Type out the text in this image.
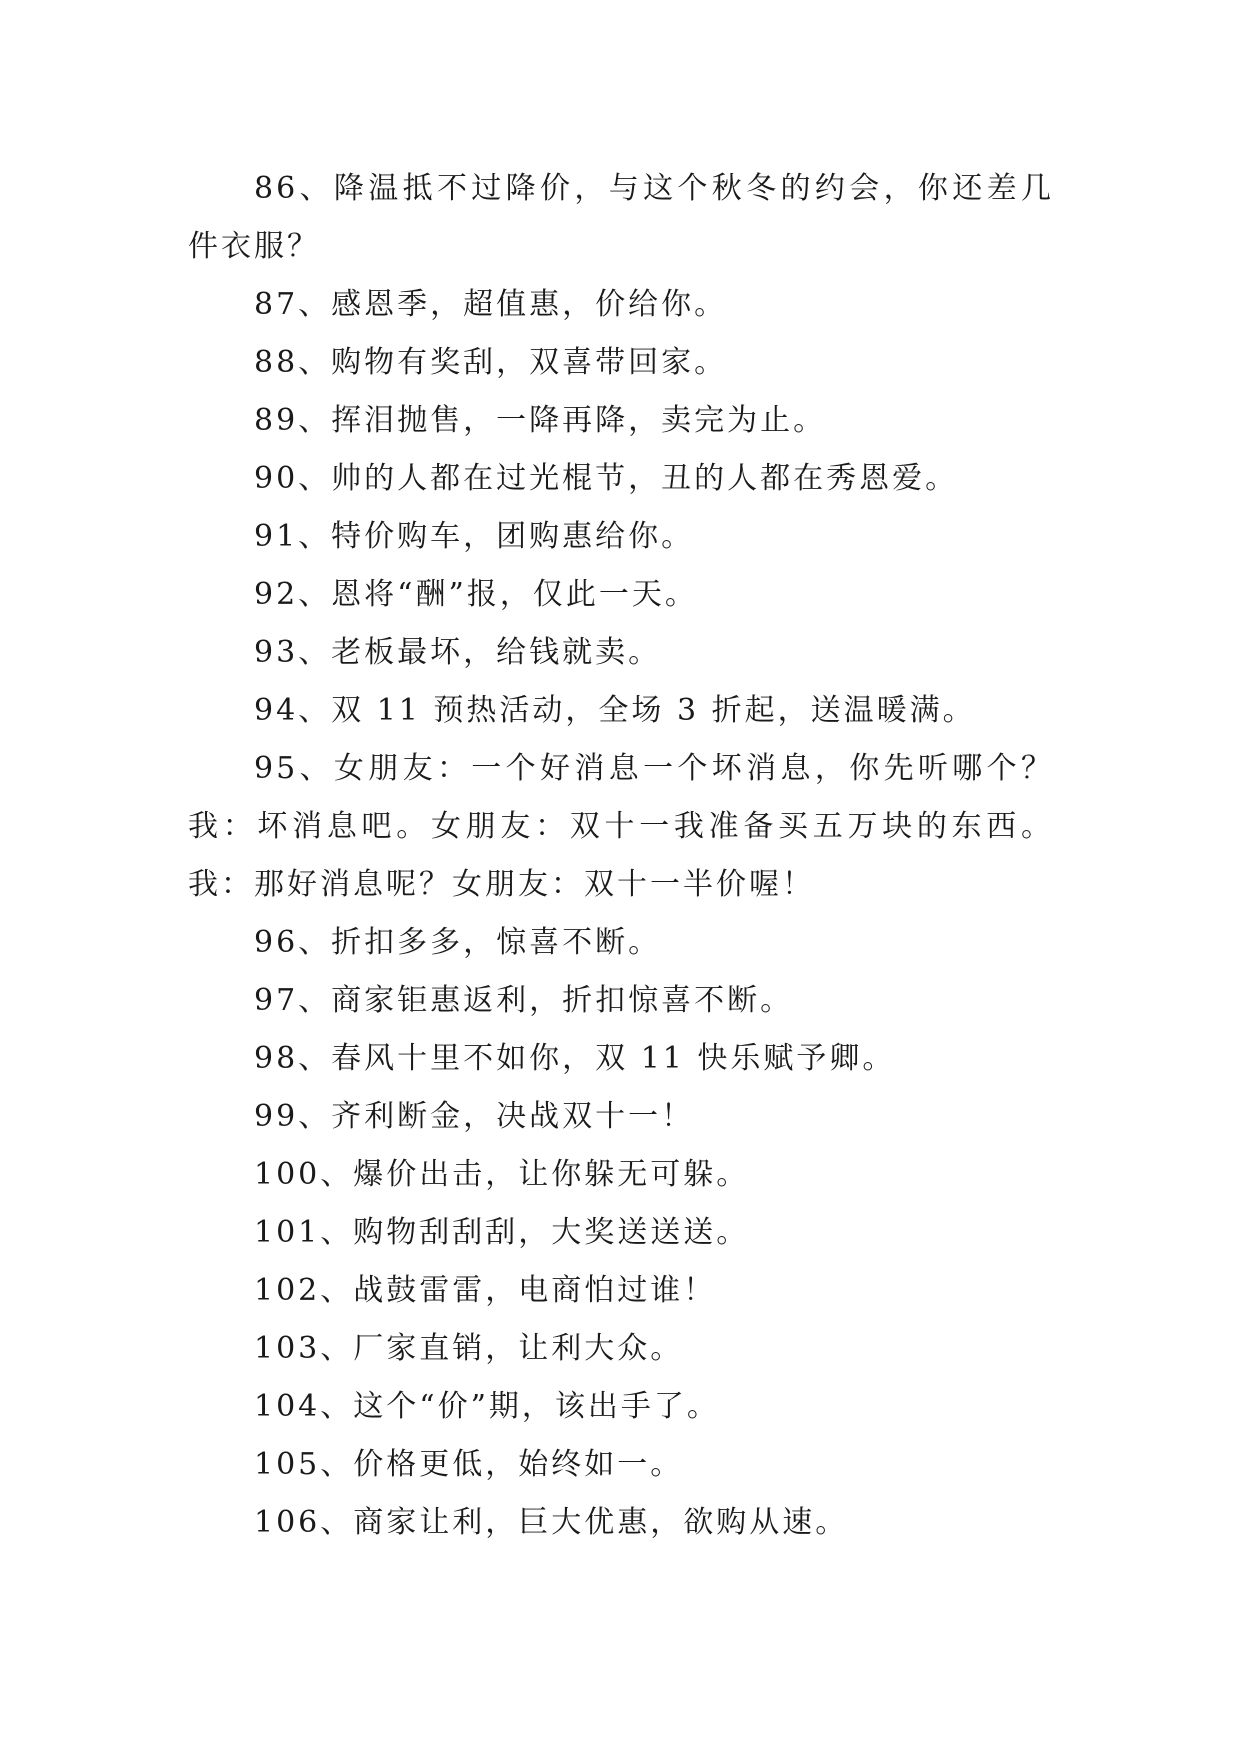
86、降温抵不过降价，与这个秋冬的约会，你还差几件衣服？

87、感恩季，超值惠，价给你。

88、购物有奖刮，双喜带回家。

89、挥泪抛售，一降再降，卖完为止。

90、帅的人都在过光棍节，丑的人都在秀恩爱。

91、特价购车，团购惠给你。

92、恩将“酬”报，仅此一天。

93、老板最坏，给钱就卖。

94、双 11 预热活动，全场 3 折起，送温暖满。

95、女朋友：一个好消息一个坏消息，你先听哪个？我：坏消息吧。女朋友：双十一我准备买五万块的东西。我：那好消息呢？女朋友：双十一半价喔！

96、折扣多多，惊喜不断。

97、商家钜惠返利，折扣惊喜不断。

98、春风十里不如你，双 11 快乐赋予卿。

99、齐利断金，决战双十一！

100、爆价出击，让你躲无可躲。

101、购物刮刮刮，大奖送送送。

102、战鼓雷雷，电商怕过谁！

103、厂家直销，让利大众。

104、这个“价”期，该出手了。

105、价格更低，始终如一。

106、商家让利，巨大优惠，欲购从速。
